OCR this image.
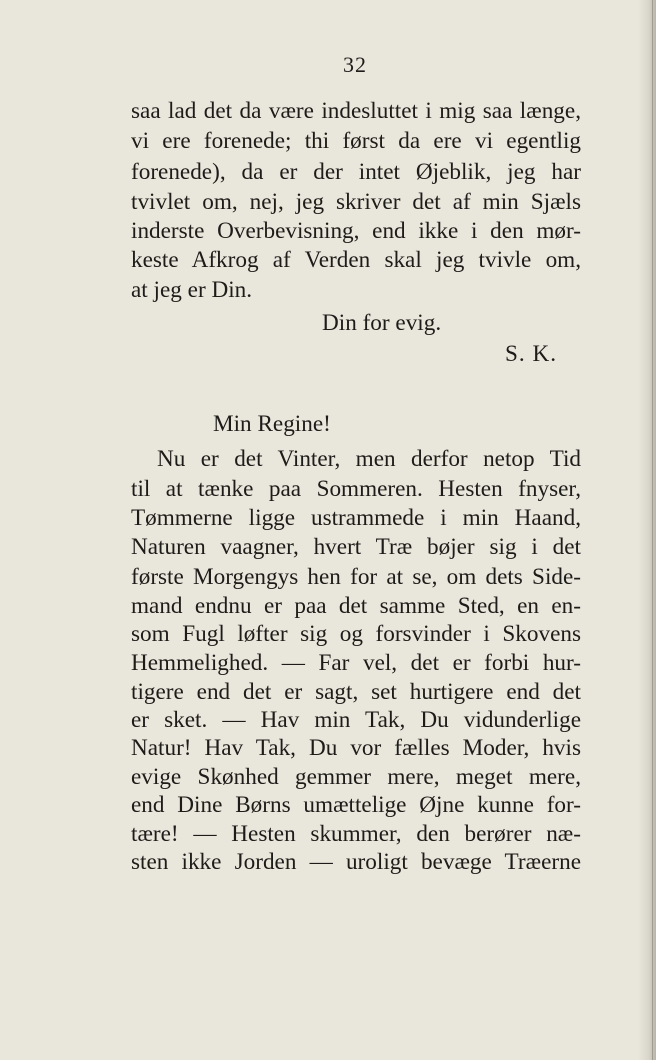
32
saa lad det da være indesluttet i mig saa længe,
vi ere forenede; thi først da ere vi egentlig
forenede), da er der intet Øjeblik, jeg har
tvivlet om, nej, jeg skriver det af min Sjæls
inderste Overbevisning, end ikke i den mør-
keste Afkrog af Verden skal jeg tvivle om,
at jeg er Din.
Din for evig.
S. K.
Min Regine!
Nu er det Vinter, men derfor netop Tid
til at tænke paa Sommeren. Hesten fnyser,
Tømmerne ligge ustrammede i min Haand,
Naturen vaagner, hvert Træ bøjer sig i det
første Morgengys hen for at se, om dets Side-
mand endnu er paa det samme Sted, en en-
som Fugl løfter sig og forsvinder i Skovens
Hemmelighed. — Far vel, det er forbi hur-
tigere end det er sagt, set hurtigere end det
er sket. — Hav min Tak, Du vidunderlige
Natur! Hav Tak, Du vor fælles Moder, hvis
evige Skønhed gemmer mere, meget mere,
end Dine Børns umættelige Øjne kunne for-
tære! — Hesten skummer, den berører næ-
sten ikke Jorden — uroligt bevæge Træerne
